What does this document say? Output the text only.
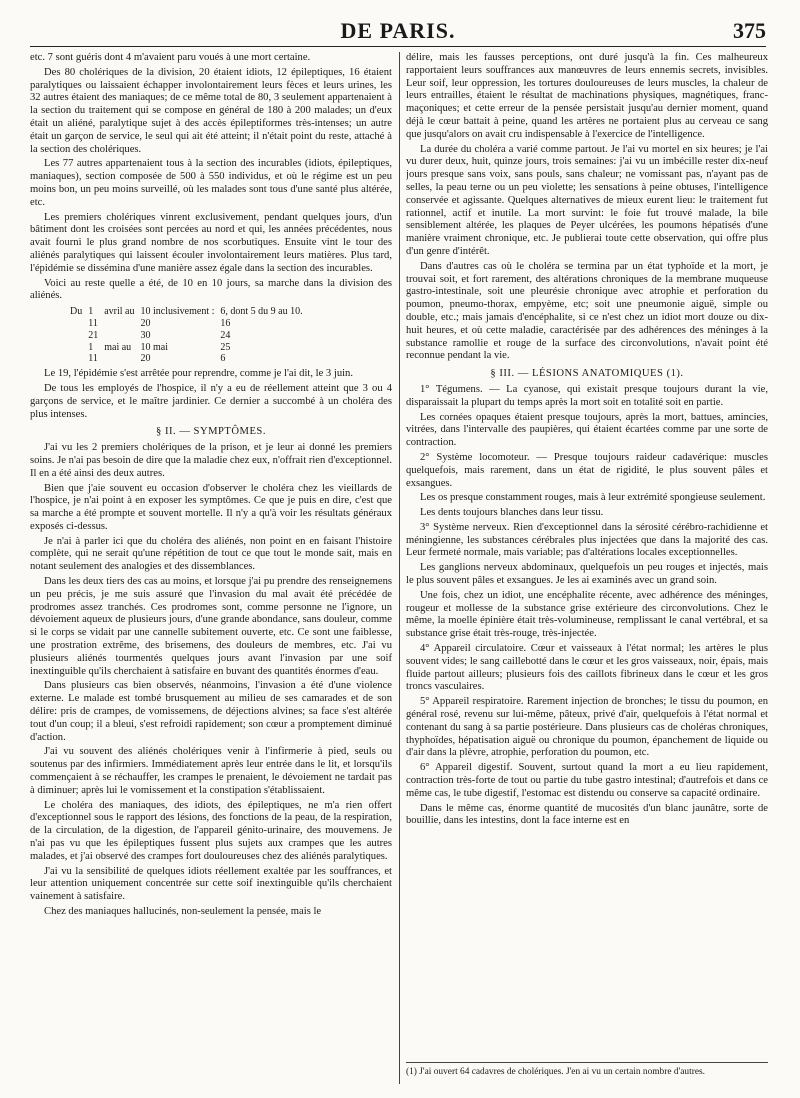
DE PARIS.	375

etc. 7 sont guéris dont 4 m'avaient paru voués à une mort certaine.

Des 80 cholériques de la division, 20 étaient idiots, 12 épileptiques, 16 étaient paralytiques ou laissaient échapper involontairement leurs fèces et leurs urines, les 32 autres étaient des maniaques; de ce même total de 80, 3 seulement appartenaient à la section du traitement qui se compose en général de 180 à 200 malades; un d'eux était un aliéné, paralytique sujet à des accès épileptiformes très-intenses; un autre était un garçon de service, le seul qui ait été atteint; il n'était point du reste, attaché à la section des cholériques.

Les 77 autres appartenaient tous à la section des incurables (idiots, épileptiques, maniaques), section composée de 500 à 550 individus, et où le régime est un peu moins bon, un peu moins surveillé, où les malades sont tous d'une santé plus altérée, etc.

Les premiers cholériques vinrent exclusivement, pendant quelques jours, d'un bâtiment dont les croisées sont percées au nord et qui, les années précédentes, nous avait fourni le plus grand nombre de nos scorbutiques. Ensuite vint le tour des aliénés paralytiques qui laissent écouler involontairement leurs matières. Plus tard, l'épidémie se dissémina d'une manière assez égale dans la section des incurables.

Voici au reste quelle a été, de 10 en 10 jours, sa marche dans la division des aliénés.

Du	1	avril au	10 inclusivement :	6, dont 5 du 9 au 10.
	11		20	16
	21		30	24
	1	mai au	10 mai	25
	11		20	6

Le 19, l'épidémie s'est arrêtée pour reprendre, comme je l'ai dit, le 3 juin.

De tous les employés de l'hospice, il n'y a eu de réellement atteint que 3 ou 4 garçons de service, et le maître jardinier. Ce dernier a succombé à un choléra des plus intenses.

§ II. — SYMPTÔMES.

J'ai vu les 2 premiers cholériques de la prison, et je leur ai donné les premiers soins. Je n'ai pas besoin de dire que la maladie chez eux, n'offrait rien d'exceptionnel. Il en a été ainsi des deux autres.

Bien que j'aie souvent eu occasion d'observer le choléra chez les vieillards de l'hospice, je n'ai point à en exposer les symptômes. Ce que je puis en dire, c'est que sa marche a été prompte et souvent mortelle. Il n'y a qu'à voir les résultats généraux exposés ci-dessus.

Je n'ai à parler ici que du choléra des aliénés, non point en en faisant l'histoire complète, qui ne serait qu'une répétition de tout ce que tout le monde sait, mais en notant seulement des analogies et des dissemblances.

Dans les deux tiers des cas au moins, et lorsque j'ai pu prendre des renseignemens un peu précis, je me suis assuré que l'invasion du mal avait été précédée de prodromes assez tranchés. Ces prodromes sont, comme personne ne l'ignore, un dévoiement aqueux de plusieurs jours, d'une grande abondance, sans douleur, comme si le corps se vidait par une cannelle subitement ouverte, etc. Ce sont une faiblesse, une prostration extrême, des brisemens, des douleurs de membres, etc. J'ai vu plusieurs aliénés tourmentés quelques jours avant l'invasion par une soif inextinguible qu'ils cherchaient à satisfaire en buvant des quantités énormes d'eau.

Dans plusieurs cas bien observés, néanmoins, l'invasion a été d'une violence externe. Le malade est tombé brusquement au milieu de ses camarades et de son délire: pris de crampes, de vomissemens, de déjections alvines; sa face s'est altérée tout d'un coup; il a bleui, s'est refroidi rapidement; son cœur a promptement diminué d'action.

J'ai vu souvent des aliénés cholériques venir à l'infirmerie à pied, seuls ou soutenus par des infirmiers. Immédiatement après leur entrée dans le lit, et lorsqu'ils commençaient à se réchauffer, les crampes le prenaient, le dévoiement ne tardait pas à diminuer; après lui le vomissement et la constipation s'établissaient.

Le choléra des maniaques, des idiots, des épileptiques, ne m'a rien offert d'exceptionnel sous le rapport des lésions, des fonctions de la peau, de la respiration, de la circulation, de la digestion, de l'appareil génito-urinaire, des mouvemens. Je n'ai pas vu que les épileptiques fussent plus sujets aux crampes que les autres malades, et j'ai observé des crampes fort douloureuses chez des aliénés paralytiques.

J'ai vu la sensibilité de quelques idiots réellement exaltée par les souffrances, et leur attention uniquement concentrée sur cette soif inextinguible qu'ils cherchaient vainement à satisfaire.

Chez des maniaques hallucinés, non-seulement la pensée, mais le

délire, mais les fausses perceptions, ont duré jusqu'à la fin. Ces malheureux rapportaient leurs souffrances aux manœuvres de leurs ennemis secrets, invisibles. Leur soif, leur oppression, les tortures douloureuses de leurs muscles, la chaleur de leurs entrailles, étaient le résultat de machinations physiques, magnétiques, franc-maçoniques; et cette erreur de la pensée persistait jusqu'au dernier moment, quand déjà le cœur battait à peine, quand les artères ne portaient plus au cerveau ce sang que jusqu'alors on avait cru indispensable à l'exercice de l'intelligence.

La durée du choléra a varié comme partout. Je l'ai vu mortel en six heures; je l'ai vu durer deux, huit, quinze jours, trois semaines: j'ai vu un imbécille rester dix-neuf jours presque sans voix, sans pouls, sans chaleur; ne vomissant pas, n'ayant pas de selles, la peau terne ou un peu violette; les sensations à peine obtuses, l'intelligence conservée et agissante. Quelques alternatives de mieux eurent lieu: le traitement fut rationnel, actif et inutile. La mort survint: le foie fut trouvé malade, la bile sensiblement altérée, les plaques de Peyer ulcérées, les poumons hépatisés d'une manière vraiment chronique, etc. Je publierai toute cette observation, qui offre plus d'un genre d'intérêt.

Dans d'autres cas où le choléra se termina par un état typhoïde et la mort, je trouvai soit, et fort rarement, des altérations chroniques de la membrane muqueuse gastro-intestinale, soit une pleurésie chronique avec atrophie et perforation du poumon, pneumo-thorax, empyème, etc; soit une pneumonie aiguë, simple ou double, etc.; mais jamais d'encéphalite, si ce n'est chez un idiot mort douze ou dix-huit heures, et où cette maladie, caractérisée par des adhérences des méninges à la substance ramollie et rouge de la surface des circonvolutions, n'avait point été reconnue pendant la vie.

§ III. — LÉSIONS ANATOMIQUES (1).

1° Tégumens. — La cyanose, qui existait presque toujours durant la vie, disparaissait la plupart du temps après la mort soit en totalité soit en partie.

Les cornées opaques étaient presque toujours, après la mort, battues, amincies, vitrées, dans l'intervalle des paupières, qui étaient écartées comme par une sorte de contraction.

2° Système locomoteur. — Presque toujours raideur cadavérique: muscles quelquefois, mais rarement, dans un état de rigidité, le plus souvent pâles et exsangues.

Les os presque constamment rouges, mais à leur extrémité spongieuse seulement.

Les dents toujours blanches dans leur tissu.

3° Système nerveux. Rien d'exceptionnel dans la sérosité cérébro-rachidienne et méningienne, les substances cérébrales plus injectées que dans la majorité des cas. Leur fermeté normale, mais variable; pas d'altérations locales exceptionnelles.

Les ganglions nerveux abdominaux, quelquefois un peu rouges et injectés, mais le plus souvent pâles et exsangues. Je les ai examinés avec un grand soin.

Une fois, chez un idiot, une encéphalite récente, avec adhérence des méninges, rougeur et mollesse de la substance grise extérieure des circonvolutions. Chez le même, la moelle épinière était très-volumineuse, remplissant le canal vertébral, et sa substance grise était très-rouge, très-injectée.

4° Appareil circulatoire. Cœur et vaisseaux à l'état normal; les artères le plus souvent vides; le sang caillebotté dans le cœur et les gros vaisseaux, noir, épais, mais fluide partout ailleurs; plusieurs fois des caillots fibrineux dans le cœur et les gros troncs vasculaires.

5° Appareil respiratoire. Rarement injection de bronches; le tissu du poumon, en général rosé, revenu sur lui-même, pâteux, privé d'air, quelquefois à l'état normal et contenant du sang à sa partie postérieure. Dans plusieurs cas de choléras chroniques, thyphoïdes, hépatisation aiguë ou chronique du poumon, épanchement de liquide ou d'air dans la plèvre, atrophie, perforation du poumon, etc.

6° Appareil digestif. Souvent, surtout quand la mort a eu lieu rapidement, contraction très-forte de tout ou partie du tube gastro intestinal; d'autrefois et dans ce même cas, le tube digestif, l'estomac est distendu ou conserve sa capacité ordinaire.

Dans le même cas, énorme quantité de mucosités d'un blanc jaunâtre, sorte de bouillie, dans les intestins, dont la face interne est en

(1) J'ai ouvert 64 cadavres de cholériques. J'en ai vu un certain nombre d'autres.
